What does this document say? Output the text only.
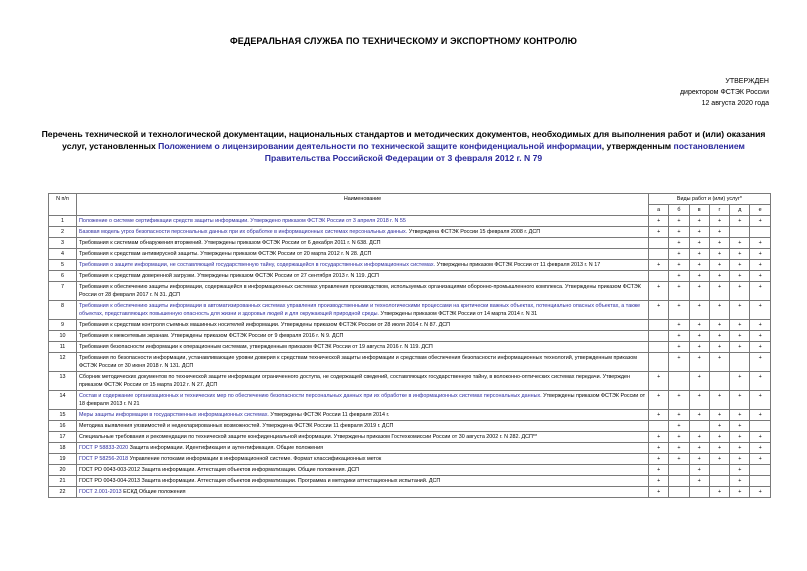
ФЕДЕРАЛЬНАЯ СЛУЖБА ПО ТЕХНИЧЕСКОМУ И ЭКСПОРТНОМУ КОНТРОЛЮ
УТВЕРЖДЕН
директором ФСТЭК России
12 августа 2020 года
Перечень технической и технологической документации, национальных стандартов и методических документов, необходимых для выполнения работ и (или) оказания услуг, установленных Положением о лицензировании деятельности по технической защите конфиденциальной информации, утвержденным постановлением Правительства Российской Федерации от 3 февраля 2012 г. N 79
N п/п	Наименование	Виды работ и (или) услуг*					
		а	б	в	г	д	е
1	Положение о системе сертификации средств защиты информации. Утверждено приказом ФСТЭК России от 3 апреля 2018 г. N 55	+	+	+	+	+	+
2	Базовая модель угроз безопасности персональных данных при их обработке в информационных системах персональных данных. Утверждена ФСТЭК России 15 февраля 2008 г. ДСП	+	+	+	+		
3	Требования к системам обнаружения вторжений. Утверждены приказом ФСТЭК России от 6 декабря 2011 г. N 638. ДСП		+	+	+	+	+
4	Требования к средствам антивирусной защиты. Утверждены приказом ФСТЭК России от 20 марта 2012 г. N 28. ДСП		+	+	+	+	+
5	Требования о защите информации, не составляющей государственную тайну, содержащейся в государственных информационных системах. Утверждены приказом ФСТЭК России от 11 февраля 2013 г. N 17	+	+	+	+	+	+
6	Требования к средствам доверенной загрузки. Утверждены приказом ФСТЭК России от 27 сентября 2013 г. N 119. ДСП		+	+	+	+	+
7	Требования к обеспечению защиты информации, содержащейся в информационных системах управления производством, используемых организациями оборонно-промышленного комплекса. Утверждены приказом ФСТЭК России от 28 февраля 2017 г. N 31. ДСП	+	+	+	+	+	+
8	Требования к обеспечению защиты информации в автоматизированных системах управления производственными и технологическими процессами на критически важных объектах, потенциально опасных объектах, а также объектах, представляющих повышенную опасность для жизни и здоровья людей и для окружающей природной среды. Утверждены приказом ФСТЭК России от 14 марта 2014 г. N 31	+	+	+	+	+	+
9	Требования к средствам контроля съемных машинных носителей информации. Утверждены приказом ФСТЭК России от 28 июля 2014 г. N 87. ДСП		+	+	+	+	+
10	Требования к межсетевым экранам. Утверждены приказом ФСТЭК России от 9 февраля 2016 г. N 9. ДСП		+	+	+	+	+
11	Требования безопасности информации к операционным системам, утвержденным приказом ФСТЭК России от 19 августа 2016 г. N 119. ДСП		+	+	+	+	+
12	Требования по безопасности информации, устанавливающие уровни доверия к средствам технической защиты информации и средствам обеспечения безопасности информационных технологий, утвержденным приказом ФСТЭК России от 30 июня 2018 г. N 131. ДСП		+	+	+		+
13	Сборник методических документов по технической защите информации ограниченного доступа, не содержащей сведений, составляющих государственную тайну, в волоконно-оптических системах передачи. Утвержден приказом ФСТЭК России от 15 марта 2012 г. N 27. ДСП	+		+		+	+
14	Состав и содержание организационных и технических мер по обеспечению безопасности персональных данных при их обработке в информационных системах персональных данных. Утверждены приказом ФСТЭК России от 18 февраля 2013 г. N 21	+	+	+	+	+	+
15	Меры защиты информации в государственных информационных системах. Утверждены ФСТЭК России 11 февраля 2014 г.	+	+	+	+	+	+
16	Методика выявления уязвимостей и недекларированных возможностей. Утверждена ФСТЭК России 11 февраля 2019 г. ДСП		+		+	+	
17	Специальные требования и рекомендации по технической защите конфиденциальной информации. Утверждены приказом Гостехкомиссии России от 30 августа 2002 г. N 282. ДСП**	+	+	+	+	+	+
18	ГОСТ Р 58833-2020 Защита информации. Идентификация и аутентификация. Общие положения	+	+	+	+	+	+
19	ГОСТ Р 58256-2018 Управление потоками информации в информационной системе. Формат классификационных меток	+	+	+	+	+	+
20	ГОСТ РО 0043-003-2012 Защита информации. Аттестация объектов информатизации. Общие положения. ДСП	+		+		+	
21	ГОСТ РО 0043-004-2013 Защита информации. Аттестация объектов информатизации. Программа и методики аттестационных испытаний. ДСП	+		+		+	
22	ГОСТ 2.001-2013 ЕСКД Общие положения	+			+	+	+
